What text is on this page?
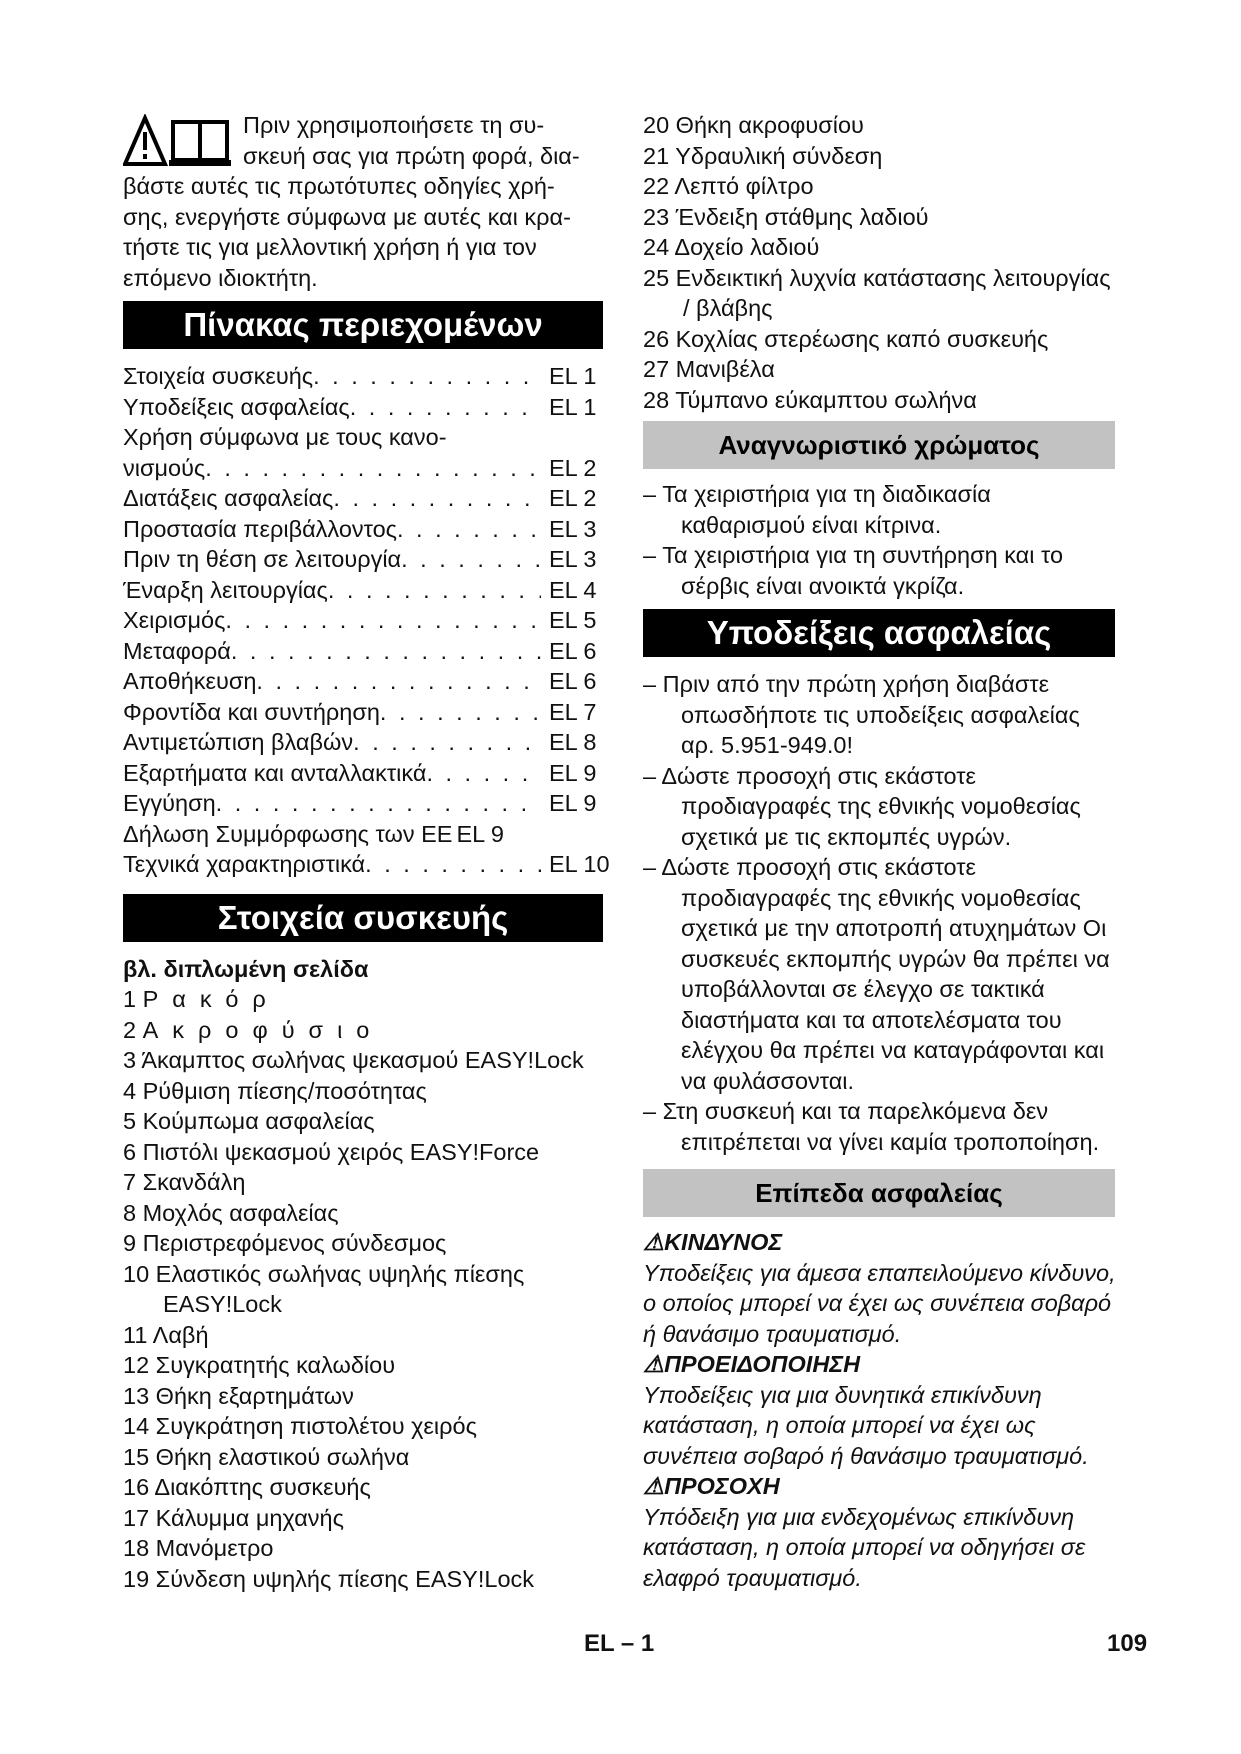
Πριν χρησιμοποιήσετε τη συ-

σκευή σας για πρώτη φορά, δια-

βάστε αυτές τις πρωτότυπες οδηγίες χρή-

σης, ενεργήστε σύμφωνα με αυτές και κρα-

τήστε τις για μελλοντική χρήση ή για τον

επόμενο ιδιοκτήτη.

Πίνακας περιεχομένων
Στοιχεία συσκευής . . .	EL 1
Υποδείξεις ασφαλείας . . .	EL 1
Χρήση σύμφωνα με τους κανο-
νισμούς . . .	EL 2
Διατάξεις ασφαλείας . . .	EL 2
Προστασία περιβάλλοντος . . .	EL 3
Πριν τη θέση σε λειτουργία . . .	EL 3
Έναρξη λειτουργίας . . .	EL 4
Χειρισμός . . .	EL 5
Μεταφορά . . .	EL 6
Αποθήκευση . . .	EL 6
Φροντίδα και συντήρηση . . .	EL 7
Αντιμετώπιση βλαβών . . .	EL 8
Εξαρτήματα και ανταλλακτικά . . .	EL 9
Εγγύηση . . .	EL 9
Δήλωση Συμμόρφωσης των ΕΕ EL 9
Τεχνικά χαρακτηριστικά . . .	EL 10
Στοιχεία συσκευής

βλ. διπλωμένη σελίδα

1 Ρακόρ

2 Ακροφύσιο

3 Άκαμπτος σωλήνας ψεκασμού EASY!Lock

4 Ρύθμιση πίεσης/ποσότητας

5 Κούμπωμα ασφαλείας

6 Πιστόλι ψεκασμού χειρός EASY!Force

7 Σκανδάλη

8 Μοχλός ασφαλείας

9 Περιστρεφόμενος σύνδεσμος

10 Ελαστικός σωλήνας υψηλής πίεσης EASY!Lock

11 Λαβή

12 Συγκρατητής καλωδίου

13 Θήκη εξαρτημάτων

14 Συγκράτηση πιστολέτου χειρός

15 Θήκη ελαστικού σωλήνα

16 Διακόπτης συσκευής

17 Κάλυμμα μηχανής

18 Μανόμετρο

19 Σύνδεση υψηλής πίεσης EASY!Lock

20 Θήκη ακροφυσίου

21 Υδραυλική σύνδεση

22 Λεπτό φίλτρο

23 Ένδειξη στάθμης λαδιού

24 Δοχείο λαδιού

25 Ενδεικτική λυχνία κατάστασης λειτουργίας / βλάβης

26 Κοχλίας στερέωσης καπό συσκευής

27 Μανιβέλα

28 Τύμπανο εύκαμπτου σωλήνα

Αναγνωριστικό χρώματος

– Τα χειριστήρια για τη διαδικασία καθαρισμού είναι κίτρινα.

– Τα χειριστήρια για τη συντήρηση και το σέρβις είναι ανοικτά γκρίζα.

Υποδείξεις ασφαλείας

– Πριν από την πρώτη χρήση διαβάστε οπωσδήποτε τις υποδείξεις ασφαλείας αρ. 5.951-949.0!

– Δώστε προσοχή στις εκάστοτε προδιαγραφές της εθνικής νομοθεσίας σχετικά με τις εκπομπές υγρών.

– Δώστε προσοχή στις εκάστοτε προδιαγραφές της εθνικής νομοθεσίας σχετικά με την αποτροπή ατυχημάτων Οι συσκευές εκπομπής υγρών θα πρέπει να υποβάλλονται σε έλεγχο σε τακτικά διαστήματα και τα αποτελέσματα του ελέγχου θα πρέπει να καταγράφονται και να φυλάσσονται.

– Στη συσκευή και τα παρελκόμενα δεν επιτρέπεται να γίνει καμία τροποποίηση.

Επίπεδα ασφαλείας

⚠ΚΙΝΔΥΝΟΣ

Υποδείξεις για άμεσα επαπειλούμενο κίνδυνο, ο οποίος μπορεί να έχει ως συνέπεια σοβαρό ή θανάσιμο τραυματισμό.

⚠ΠΡΟΕΙΔΟΠΟΙΗΣΗ

Υποδείξεις για μια δυνητικά επικίνδυνη κατάσταση, η οποία μπορεί να έχει ως συνέπεια σοβαρό ή θανάσιμο τραυματισμό.

⚠ΠΡΟΣΟΧΗ

Υπόδειξη για μια ενδεχομένως επικίνδυνη κατάσταση, η οποία μπορεί να οδηγήσει σε ελαφρό τραυματισμό.

EL – 1	109
